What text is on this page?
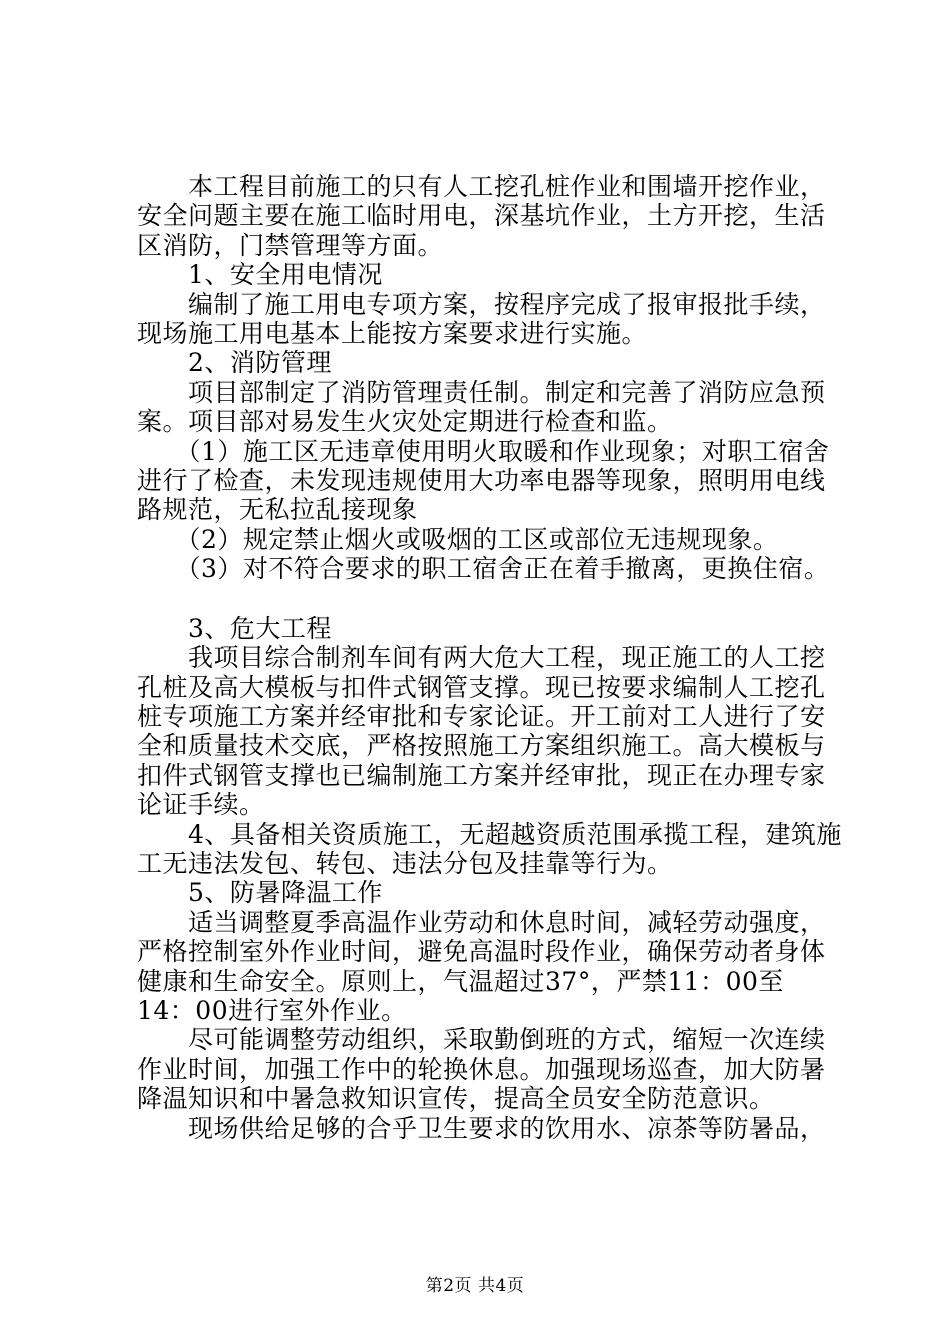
　　本工程目前施工的只有人工挖孔桩作业和围墙开挖作业，
安全问题主要在施工临时用电，深基坑作业，土方开挖，生活
区消防，门禁管理等方面。
　　1、安全用电情况
　　编制了施工用电专项方案，按程序完成了报审报批手续，
现场施工用电基本上能按方案要求进行实施。
　　2、消防管理
　　项目部制定了消防管理责任制。制定和完善了消防应急预
案。项目部对易发生火灾处定期进行检查和监。
　　（1）施工区无违章使用明火取暖和作业现象；对职工宿舍
进行了检查，未发现违规使用大功率电器等现象，照明用电线
路规范，无私拉乱接现象
　　（2）规定禁止烟火或吸烟的工区或部位无违规现象。
　　（3）对不符合要求的职工宿舍正在着手撤离，更换住宿。
　　3、危大工程
　　我项目综合制剂车间有两大危大工程，现正施工的人工挖
孔桩及高大模板与扣件式钢管支撑。现已按要求编制人工挖孔
桩专项施工方案并经审批和专家论证。开工前对工人进行了安
全和质量技术交底，严格按照施工方案组织施工。高大模板与
扣件式钢管支撑也已编制施工方案并经审批，现正在办理专家
论证手续。
　　4、具备相关资质施工，无超越资质范围承揽工程，建筑施
工无违法发包、转包、违法分包及挂靠等行为。
　　5、防暑降温工作
　　适当调整夏季高温作业劳动和休息时间，减轻劳动强度，
严格控制室外作业时间，避免高温时段作业，确保劳动者身体
健康和生命安全。原则上，气温超过37°，严禁11：00至
14：00进行室外作业。
　　尽可能调整劳动组织，采取勤倒班的方式，缩短一次连续
作业时间，加强工作中的轮换休息。加强现场巡查，加大防暑
降温知识和中暑急救知识宣传，提高全员安全防范意识。
　　现场供给足够的合乎卫生要求的饮用水、凉茶等防暑品，
第2页 共4页
